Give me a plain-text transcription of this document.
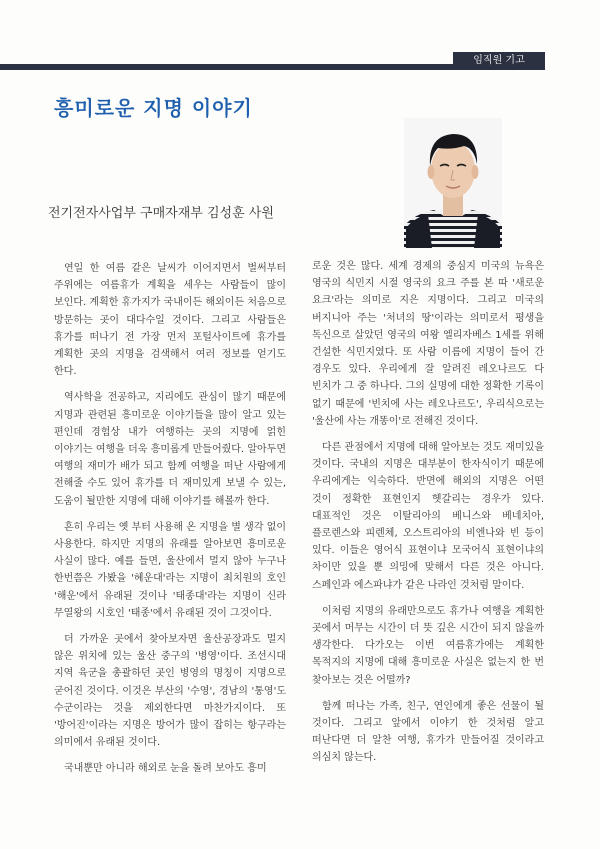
임직원 기고
흥미로운 지명 이야기
전기전자사업부 구매자재부 김성훈 사원

연일 한 여름 같은 날씨가 이어지면서 벌써부터 주위에는 여름휴가 계획을 세우는 사람들이 많이 보인다. 계획한 휴가지가 국내이든 해외이든 처음으로 방문하는 곳이 대다수일 것이다. 그리고 사람들은 휴가를 떠나기 전 가장 먼저 포털사이트에 휴가를 계획한 곳의 지명을 검색해서 여러 정보를 얻기도 한다.

역사학을 전공하고, 지리에도 관심이 많기 때문에 지명과 관련된 흥미로운 이야기들을 많이 알고 있는 편인데 경험상 내가 여행하는 곳의 지명에 얽힌 이야기는 여행을 더욱 흥미롭게 만들어줬다. 알아두면 여행의 재미가 배가 되고 함께 여행을 떠난 사람에게 전해줄 수도 있어 휴가를 더 재미있게 보낼 수 있는, 도움이 될만한 지명에 대해 이야기를 해볼까 한다.

흔히 우리는 옛 부터 사용해 온 지명을 별 생각 없이 사용한다. 하지만 지명의 유래를 알아보면 흥미로운 사실이 많다. 예를 들면, 울산에서 멀지 않아 누구나 한번쯤은 가봤을 '혜운대'라는 지명이 최치원의 호인 '해운'에서 유래된 것이나 '태종대'라는 지명이 신라 무열왕의 시호인 '태종'에서 유래된 것이 그것이다.

더 가까운 곳에서 찾아보자면 울산공장과도 멀지 않은 위치에 있는 울산 중구의 '병영'이다. 조선시대 지역 육군을 총괄하던 곳인 병영의 명칭이 지명으로 굳어진 것이다. 이것은 부산의 '수영', 경남의 '통영'도 수군이라는 것을 제외한다면 마찬가지이다. 또 '방어진'이라는 지명은 방어가 많이 잡히는 항구라는 의미에서 유래된 것이다.

국내뿐만 아니라 해외로 눈을 돌려 보아도 흥미

로운 것은 많다. 세계 경제의 중심지 미국의 뉴욕은 영국의 식민지 시절 영국의 요크 주를 본 따 '새로운 요크'라는 의미로 지은 지명이다. 그리고 미국의 버지니아 주는 '처녀의 땅'이라는 의미로서 평생을 독신으로 살았던 영국의 여왕 엘리자베스 1세를 위해 건설한 식민지였다. 또 사람 이름에 지명이 들어 간 경우도 있다. 우리에게 잘 알려진 레오나르도 다 빈치가 그 중 하나다. 그의 실명에 대한 정확한 기록이 없기 때문에 '빈치에 사는 레오나르도', 우리식으로는 '울산에 사는 개똥이'로 전해진 것이다.

다른 관점에서 지명에 대해 알아보는 것도 재미있을 것이다. 국내의 지명은 대부분이 한자식이기 때문에 우리에게는 익숙하다. 반면에 해외의 지명은 어떤 것이 정확한 표현인지 헷갈리는 경우가 있다. 대표적인 것은 이탈리아의 베니스와 베네치아, 플로렌스와 피렌체, 오스트리아의 비엔나와 빈 등이 있다. 이들은 영어식 표현이냐 모국어식 표현이냐의 차이만 있을 뿐 의밍에 맞해서 다른 것은 아니다. 스페인과 에스파냐가 같은 나라인 것처럼 말이다.

이처럼 지명의 유래만으로도 휴가나 여행을 계획한 곳에서 머무는 시간이 더 뜻 깊은 시간이 되지 않을까 생각한다. 다가오는 이번 여름휴가에는 계획한 목적지의 지명에 대해 흥미로운 사실은 없는지 한 번 찾아보는 것은 어떨까?

함께 떠나는 가족, 친구, 연인에게 좋은 선물이 될 것이다. 그리고 앞에서 이야기 한 것처럼 알고 떠난다면 더 알찬 여행, 휴가가 만들어질 것이라고 의심치 않는다.
